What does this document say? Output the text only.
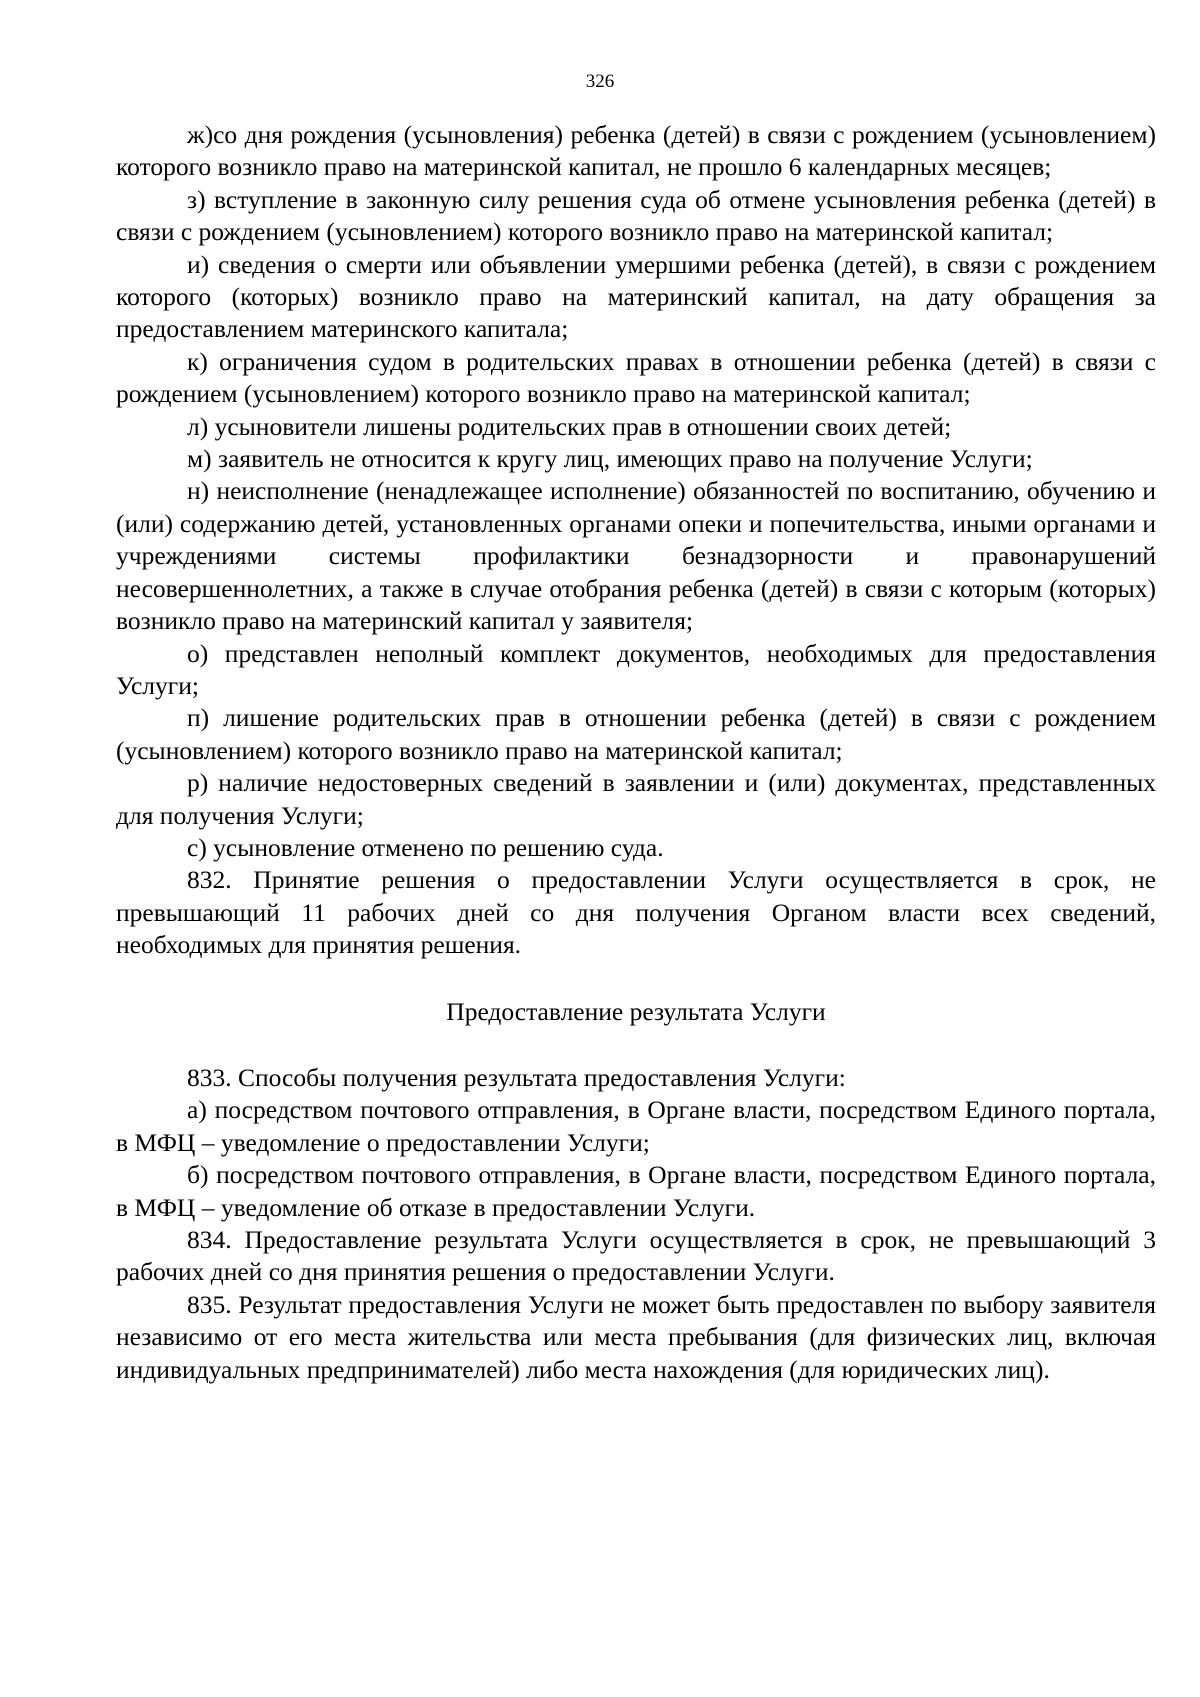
326

ж)со дня рождения (усыновления) ребенка (детей) в связи с рождением (усыновлением) которого возникло право на материнской капитал, не прошло 6 календарных месяцев;

з) вступление в законную силу решения суда об отмене усыновления ребенка (детей) в связи с рождением (усыновлением) которого возникло право на материнской капитал;

и) сведения о смерти или объявлении умершими ребенка (детей), в связи с рождением которого (которых) возникло право на материнский капитал, на дату обращения за предоставлением материнского капитала;

к) ограничения судом в родительских правах в отношении ребенка (детей) в связи с рождением (усыновлением) которого возникло право на материнской капитал;

л) усыновители лишены родительских прав в отношении своих детей;

м) заявитель не относится к кругу лиц, имеющих право на получение Услуги;

н) неисполнение (ненадлежащее исполнение) обязанностей по воспитанию, обучению и (или) содержанию детей, установленных органами опеки и попечительства, иными органами и учреждениями системы профилактики безнадзорности и правонарушений несовершеннолетних, а также в случае отобрания ребенка (детей) в связи с которым (которых) возникло право на материнский капитал у заявителя;

о) представлен неполный комплект документов, необходимых для предоставления Услуги;

п) лишение родительских прав в отношении ребенка (детей) в связи с рождением (усыновлением) которого возникло право на материнской капитал;

р) наличие недостоверных сведений в заявлении и (или) документах, представленных для получения Услуги;

с) усыновление отменено по решению суда.

832. Принятие решения о предоставлении Услуги осуществляется в срок, не превышающий 11 рабочих дней со дня получения Органом власти всех сведений, необходимых для принятия решения.

Предоставление результата Услуги

833. Способы получения результата предоставления Услуги:

а) посредством почтового отправления, в Органе власти, посредством Единого портала, в МФЦ – уведомление о предоставлении Услуги;

б) посредством почтового отправления, в Органе власти, посредством Единого портала, в МФЦ – уведомление об отказе в предоставлении Услуги.

834. Предоставление результата Услуги осуществляется в срок, не превышающий 3 рабочих дней со дня принятия решения о предоставлении Услуги.

835. Результат предоставления Услуги не может быть предоставлен по выбору заявителя независимо от его места жительства или места пребывания (для физических лиц, включая индивидуальных предпринимателей) либо места нахождения (для юридических лиц).
